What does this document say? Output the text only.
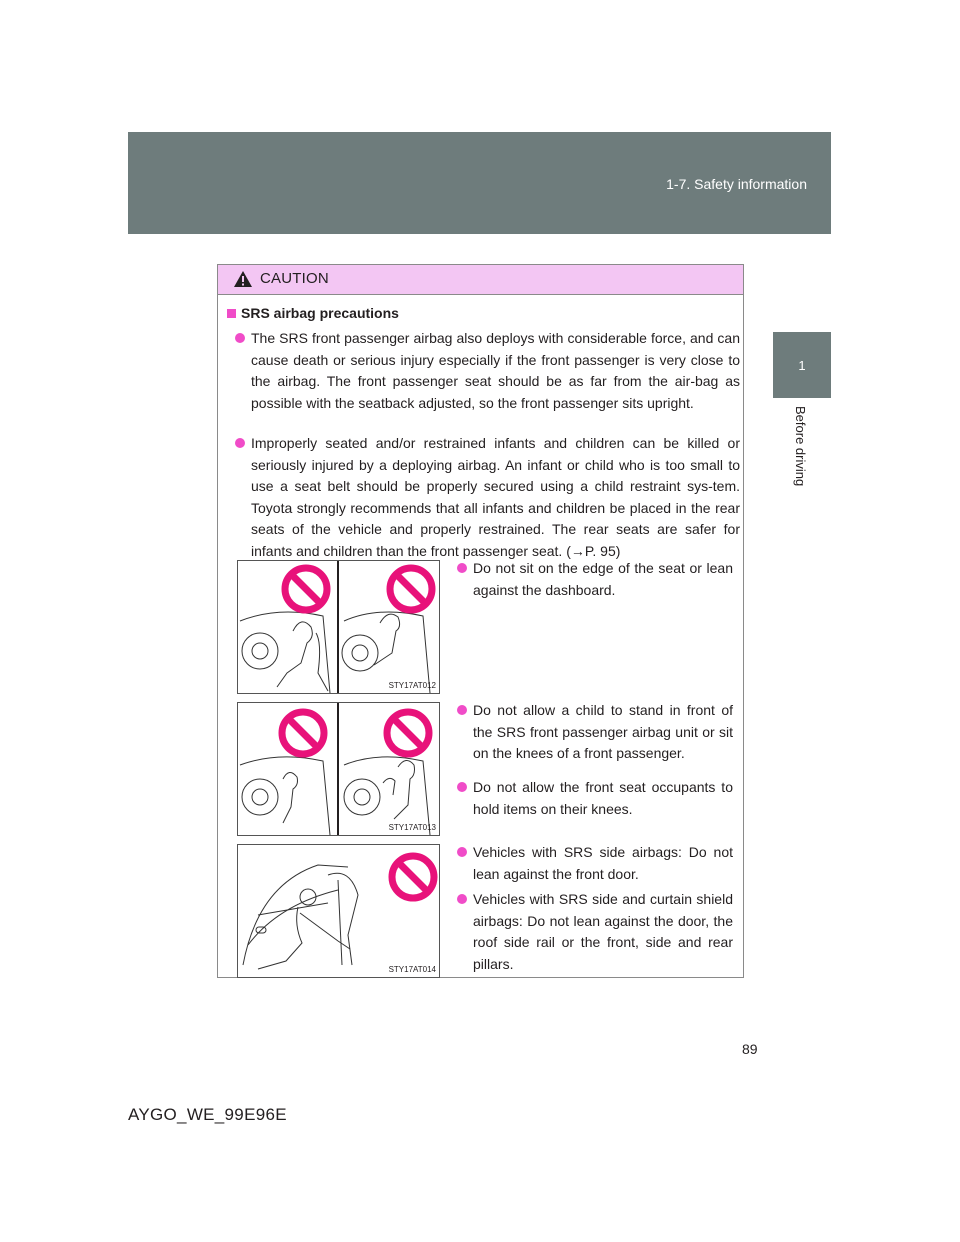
1-7. Safety information
1
Before driving
CAUTION
SRS airbag precautions
The SRS front passenger airbag also deploys with considerable force, and can cause death or serious injury especially if the front passenger is very close to the airbag. The front passenger seat should be as far from the air-bag as possible with the seatback adjusted, so the front passenger sits upright.
Improperly seated and/or restrained infants and children can be killed or seriously injured by a deploying airbag. An infant or child who is too small to use a seat belt should be properly secured using a child restraint sys-tem. Toyota strongly recommends that all infants and children be placed in the rear seats of the vehicle and properly restrained. The rear seats are safer for infants and children than the front passenger seat. (→P. 95)
STY17AT012
Do not sit on the edge of the seat or lean against the dashboard.
STY17AT013
Do not allow a child to stand in front of the SRS front passenger airbag unit or sit on the knees of a front passenger.
Do not allow the front seat occupants to hold items on their knees.
STY17AT014
Vehicles with SRS side airbags: Do not lean against the front door.
Vehicles with SRS side and curtain shield airbags: Do not lean against the door, the roof side rail or the front, side and rear pillars.
89
AYGO_WE_99E96E
